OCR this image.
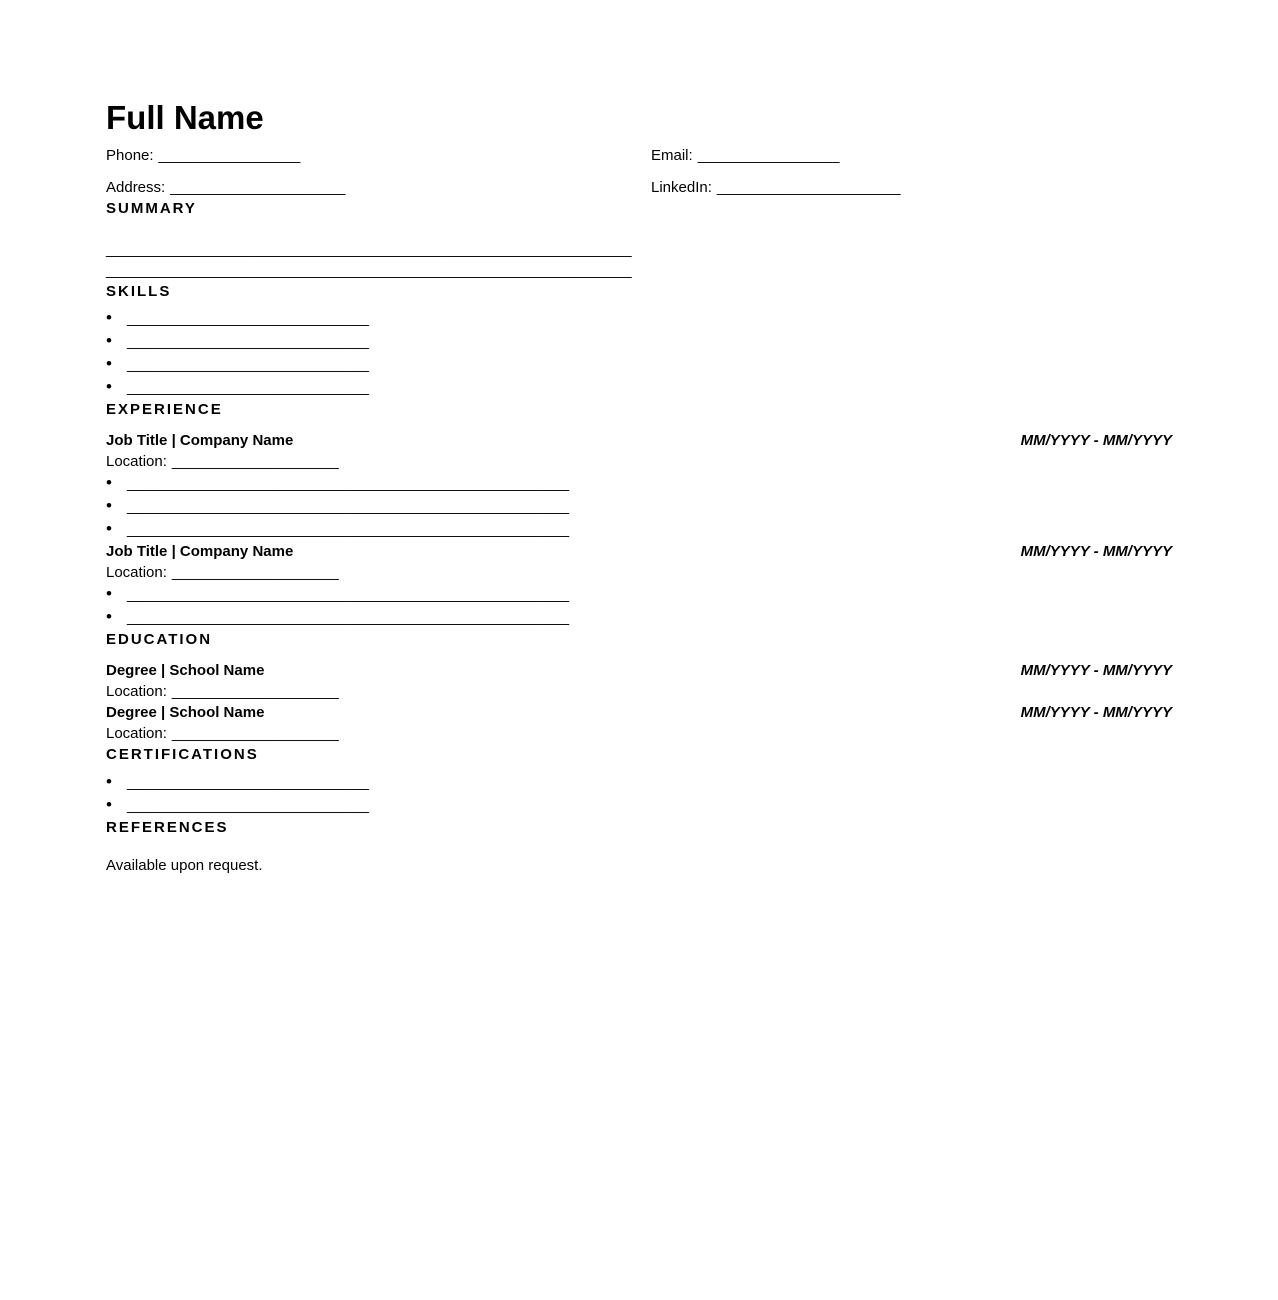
Full Name
Phone: _________________	Email: _________________
Address: _____________________	LinkedIn: ______________________
SUMMARY
_______________________________________________________________
_______________________________________________________________
SKILLS
•	_____________________________
•	_____________________________
•	_____________________________
•	_____________________________
EXPERIENCE
Job Title | Company Name	MM/YYYY - MM/YYYY
Location: ____________________
•	_____________________________________________________
•	_____________________________________________________
•	_____________________________________________________
Job Title | Company Name	MM/YYYY - MM/YYYY
Location: ____________________
•	_____________________________________________________
•	_____________________________________________________
EDUCATION
Degree | School Name	MM/YYYY - MM/YYYY
Location: ____________________
Degree | School Name	MM/YYYY - MM/YYYY
Location: ____________________
CERTIFICATIONS
•	_____________________________
•	_____________________________
REFERENCES

Available upon request.
